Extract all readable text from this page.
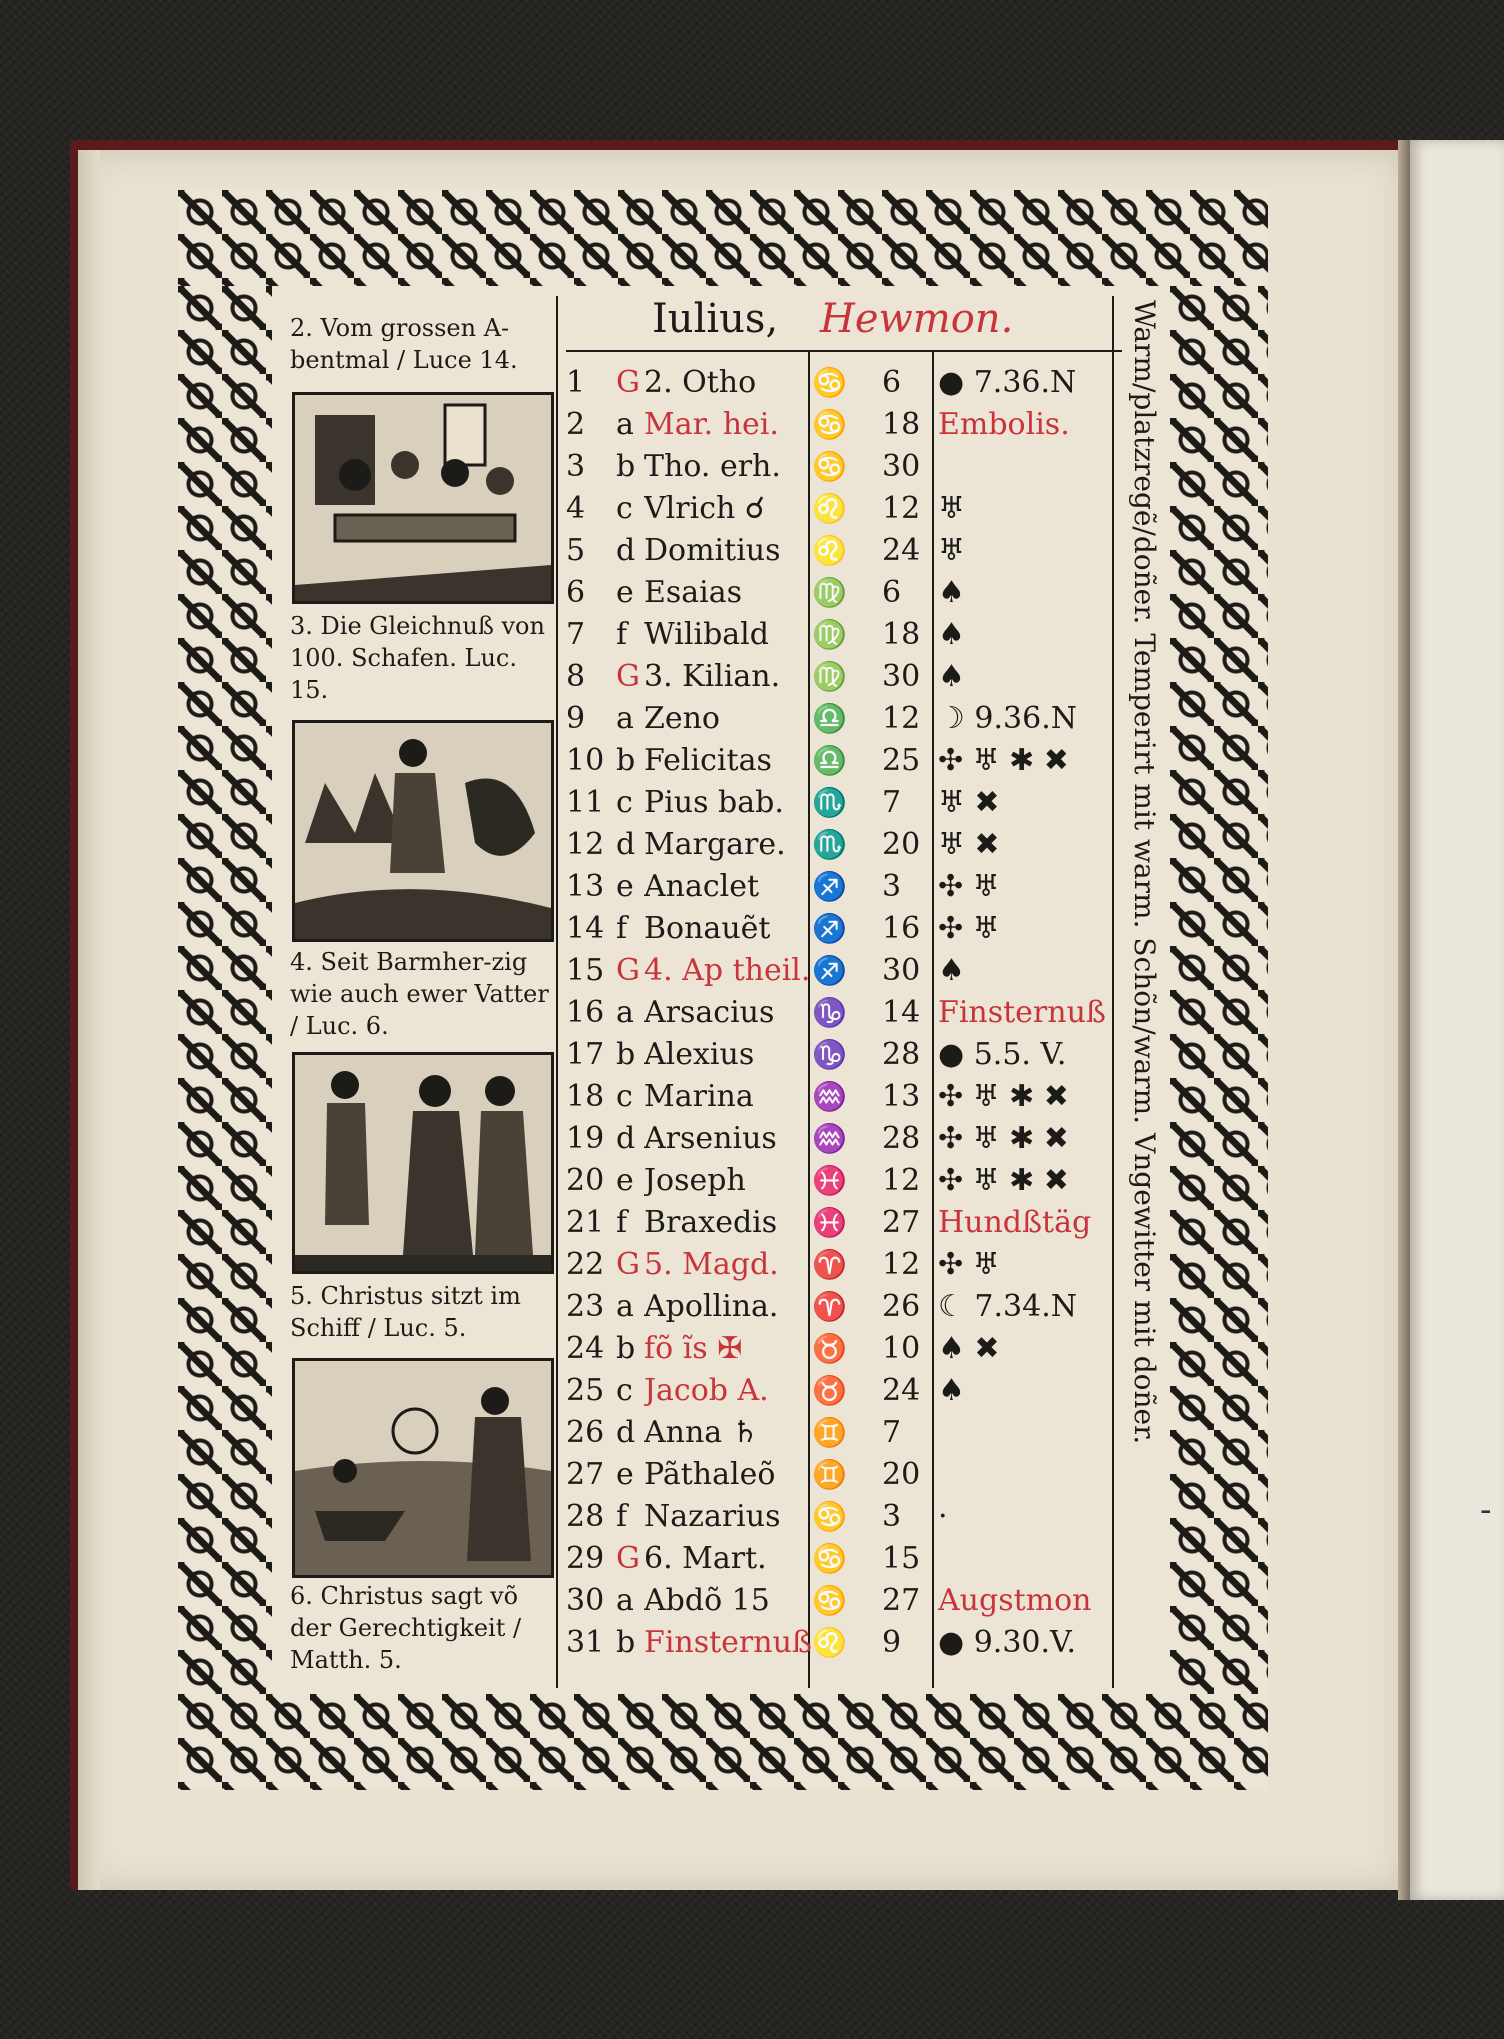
-
Iulius, Hewmon.
2. Vom grossen A-bentmal / Luce 14.
3. Die Gleichnuß von 100. Schafen. Luc. 15.
4. Seit Barmher-zig wie auch ewer Vatter / Luc. 6.
5. Christus sitzt im Schiff / Luc. 5.
6. Christus sagt võ der Gerechtigkeit / Matth. 5.
1	G 2. Otho	♋	6	● 7.36.N
2	a Mar. hei.	♋	18 Embolis.
3	b Tho. erh.	♋	30
4	c Vlrich ☌	♌	12 ♅
5	d Domitius	♌	24 ♅
6	e Esaias	♍	6	♠
7	f Wilibald	♍	18 ♠
8	G 3. Kilian.	♍	30 ♠
9	a Zeno	♎	12 ☽ 9.36.N
10 b Felicitas	♎	25 ✣ ♅ ✱ ✖
11 c Pius bab.	♏	7	♅ ✖
12 d Margare. ♏	20 ♅ ✖
13 e Anaclet	♐	3	✣ ♅
14 f Bonauẽt	♐	16 ✣ ♅
15 G 4. Ap theil. ♐	30 ♠
16 a Arsacius	♑	14 Finsternuß
17 b Alexius	♑	28 ● 5.5. V.
18 c Marina	♒	13 ✣ ♅ ✱ ✖
19 d Arsenius	♒	28 ✣ ♅ ✱ ✖
20 e Joseph	♓	12 ✣ ♅ ✱ ✖
21 f Braxedis	♓	27 Hundßtäg
22 G 5. Magd.	♈	12 ✣ ♅
23 a Apollina.	♈	26 ☾ 7.34.N
24 b fõ ĩs ✠	♉	10 ♠ ✖
25 c Jacob A.	♉	24 ♠
26 d Anna ♄	♊	7
27 e Pãthaleõ	♊	20
28 f Nazarius	♋	3	·
29 G 6. Mart.	♋	15
30 a Abdõ 15	♋	27 Augstmon
31 b Finsternuß ♌	9	● 9.30.V.
Warm/platzregẽ/doñer. Temperirt mit warm. Schõn/warm. Vngewitter mit doñer.
